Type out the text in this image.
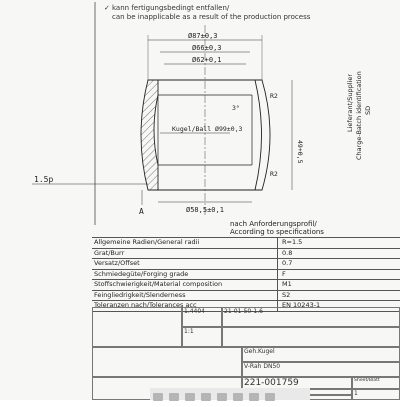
✓ kann fertigungsbedingt entfallen/
can be inapplicable as a result of the production process
Ø87±0,3
Ø66±0,3
Ø62+0,1
Kugel/Ball Ø99±0,3
Ø58,5±0,1
R2
R2
3°
49+0,5
A
1.5p
Lieferant/Supplier Charge-Batch identification SD
nach Anforderungsprofil/
According to specifications
Allgemeine Radien/General radii	R=1.5
Grat/Burr	0.8
Versatz/Offset	0.7
Schmiedegüte/Forging grade	F
Stoffschwierigkeit/Material composition	M1
Feingliedrigkeit/Slenderness	S2
Toleranzen nach/Tolerances acc	EN 10243-1
1.4404
1:1
21-01-50-1.6
Geh.Kugel
V-Rah DN50
221-001759	Sheet/Blatt
1
